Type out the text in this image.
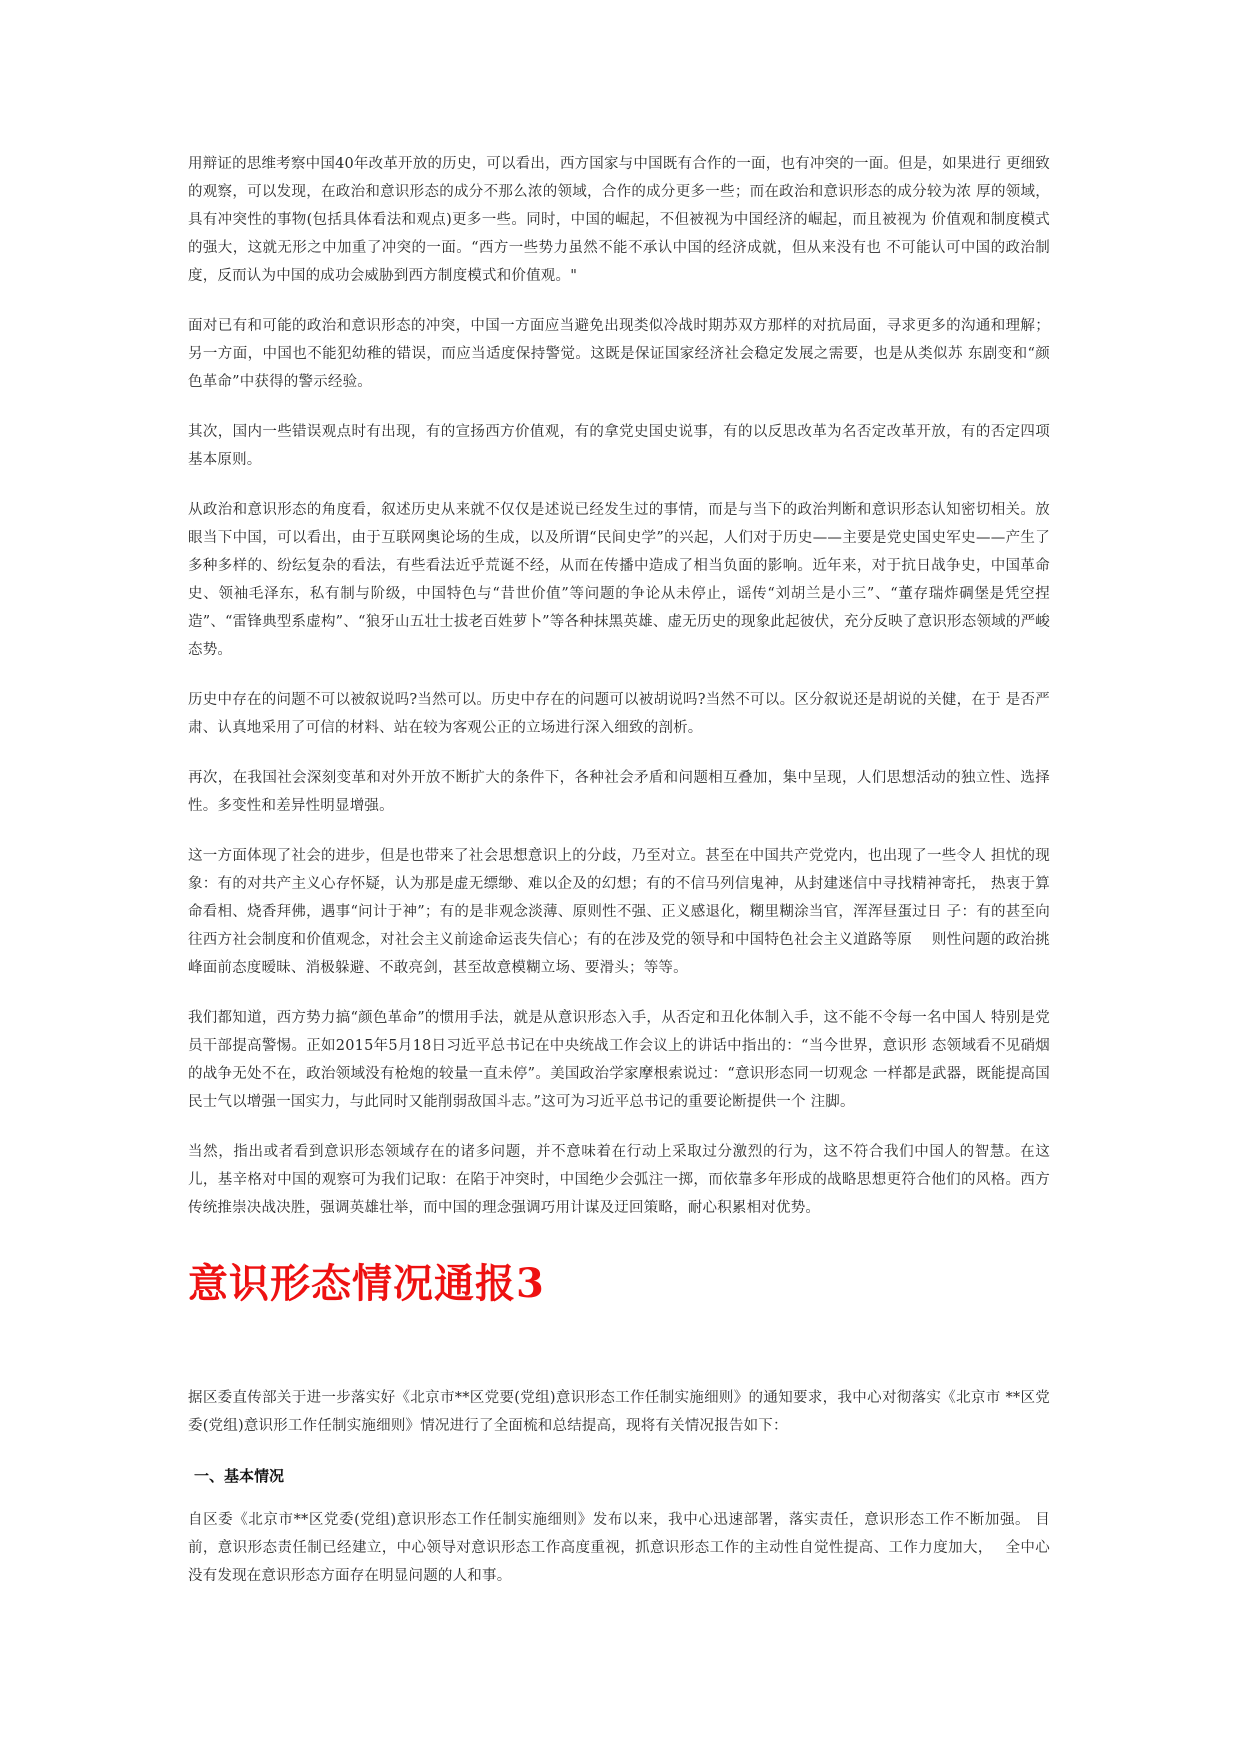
用辩证的思维考察中国40年改革开放的历史，可以看出，西方国家与中国既有合作的一面，也有冲突的一面。但是，如果进行 更细致的观察，可以发现，在政治和意识形态的成分不那么浓的领域，合作的成分更多一些；而在政治和意识形态的成分较为浓 厚的领域，具有冲突性的事物(包括具体看法和观点)更多一些。同时，中国的崛起，不但被视为中国经济的崛起，而且被视为 价值观和制度模式的强大，这就无形之中加重了冲突的一面。“西方一些势力虽然不能不承认中国的经济成就，但从来没有也 不可能认可中国的政治制度，反而认为中国的成功会威胁到西方制度模式和价值观。"

面对已有和可能的政治和意识形态的冲突，中国一方面应当避免出现类似冷战时期苏双方那样的对抗局面，寻求更多的沟通和理解；另一方面，中国也不能犯幼稚的错误，而应当适度保持警觉。这既是保证国家经济社会稳定发展之需要，也是从类似苏 东剧变和“颜色革命”中获得的警示经验。

其次，国内一些错误观点时有出现，有的宣扬西方价值观，有的拿党史国史说事，有的以反思改革为名否定改革开放，有的否定四项基本原则。

从政治和意识形态的角度看，叙述历史从来就不仅仅是述说已经发生过的事情，而是与当下的政治判断和意识形态认知密切相关。放眼当下中国，可以看出，由于互联网奥论场的生成，以及所谓“民间史学”的兴起，人们对于历史——主要是党史国史军史——产生了多种多样的、纷纭复杂的看法，有些看法近乎荒诞不经，从而在传播中造成了相当负面的影响。近年来，对于抗日战争史，中国革命史、领袖毛泽东，私有制与阶级，中国特色与“昔世价值”等问题的争论从未停止，谣传“刘胡兰是小三”、“董存瑞炸碉堡是凭空捏造”、“雷锋典型系虚构”、“狼牙山五壮士拔老百姓萝卜”等各种抹黑英雄、虚无历史的现象此起彼伏，充分反映了意识形态领域的严峻态势。

历史中存在的问题不可以被叙说吗?当然可以。历史中存在的问题可以被胡说吗?当然不可以。区分叙说还是胡说的关健，在于 是否严肃、认真地采用了可信的材料、站在较为客观公正的立场进行深入细致的剖析。

再次，在我国社会深刻变革和对外开放不断扩大的条件下，各种社会矛盾和问题相互叠加，集中呈现，人们思想活动的独立性、选择性。多变性和差异性明显增强。

这一方面体现了社会的进步，但是也带来了社会思想意识上的分歧，乃至对立。甚至在中国共产党党内，也出现了一些令人 担忧的现象：有的对共产主义心存怀疑，认为那是虚无缥缈、难以企及的幻想；有的不信马列信鬼神，从封建迷信中寻找精神寄托， 热衷于算命看相、烧香拜佛，遇事“问计于神”；有的是非观念淡薄、原则性不强、正义感退化，糊里糊涂当官，浑浑昼蛋过日 子：有的甚至向往西方社会制度和价值观念，对社会主义前途命运丧失信心；有的在涉及党的领导和中国特色社会主义道路等原　 则性问题的政治挑峰面前态度暧昧、消极躲避、不敢亮剑，甚至故意模糊立场、要滑头；等等。

我们都知道，西方势力搞“颜色革命”的惯用手法，就是从意识形态入手，从否定和丑化体制入手，这不能不令每一名中国人 特别是党员干部提高警惕。正如2015年5月18日习近平总书记在中央统战工作会议上的讲话中指出的：“当今世界，意识形 态领域看不见硝烟的战争无处不在，政治领域没有枪炮的较量一直未停”。美国政治学家摩根索说过：“意识形态同一切观念 一样都是武器，既能提高国民士气以增强一国实力，与此同时又能削弱敌国斗志。”这可为习近平总书记的重要论断提供一个 注脚。

当然，指出或者看到意识形态领域存在的诸多问题，并不意味着在行动上采取过分激烈的行为，这不符合我们中国人的智慧。在这儿，基辛格对中国的观察可为我们记取：在陷于冲突时，中国绝少会弧注一掷，而依靠多年形成的战略思想更符合他们的风格。西方传统推崇决战决胜，强调英雄壮举，而中国的理念强调巧用计谋及迂回策略，耐心积累相对优势。

意识形态情况通报3

据区委直传部关于进一步落实好《北京市**区党要(党组)意识形态工作任制实施细则》的通知要求，我中心对彻落实《北京市 **区党委(党组)意识形工作任制实施细则》情况进行了全面梳和总结提高，现将有关情况报告如下：

一、基本情况

自区委《北京市**区党委(党组)意识形态工作任制实施细则》发布以来，我中心迅速部署，落实责任，意识形态工作不断加强。 目前，意识形态责任制已经建立，中心领导对意识形态工作高度重视，抓意识形态工作的主动性自觉性提高、工作力度加大，　 全中心没有发现在意识形态方面存在明显问题的人和事。
